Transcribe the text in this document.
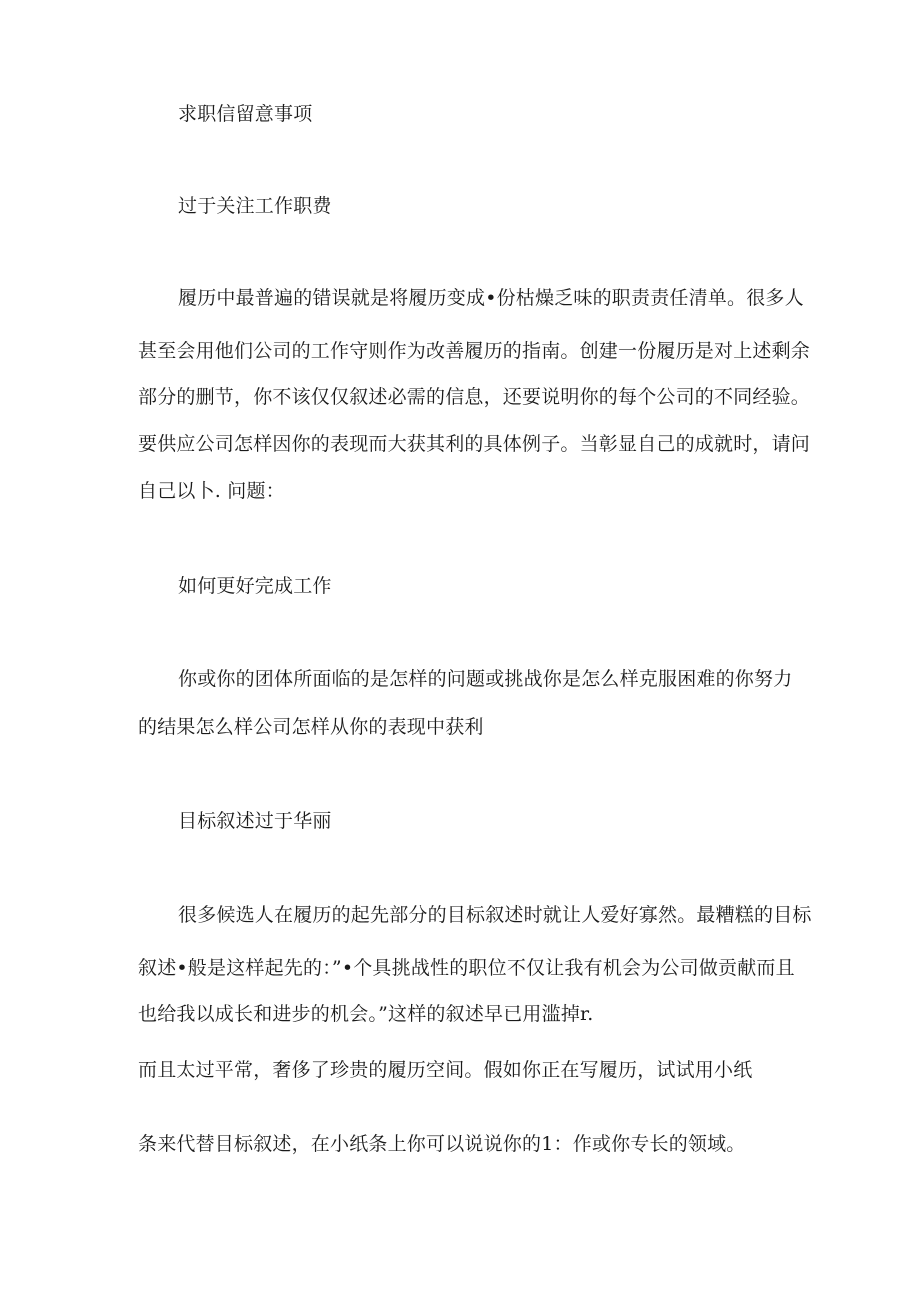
求职信留意事项

过于关注工作职费

履历中最普遍的错误就是将履历变成•份枯燥乏味的职责责任清单。很多人

甚至会用他们公司的工作守则作为改善履历的指南。创建一份履历是对上述剩余

部分的删节，你不该仅仅叙述必需的信息，还要说明你的每个公司的不同经验。

要供应公司怎样因你的表现而大获其利的具体例子。当彰显自己的成就时，请问

自己以卜. 问题：

如何更好完成工作

你或你的团体所面临的是怎样的问题或挑战你是怎么样克服困难的你努力

的结果怎么样公司怎样从你的表现中获利

目标叙述过于华丽

很多候选人在履历的起先部分的目标叙述时就让人爱好寡然。最糟糕的目标

叙述•般是这样起先的：”•个具挑战性的职位不仅让我有机会为公司做贡献而且

也给我以成长和进步的机会。”这样的叙述早已用滥掉r.

而且太过平常，奢侈了珍贵的履历空间。假如你正在写履历，试试用小纸

条来代替目标叙述，在小纸条上你可以说说你的1：作或你专长的领域。
